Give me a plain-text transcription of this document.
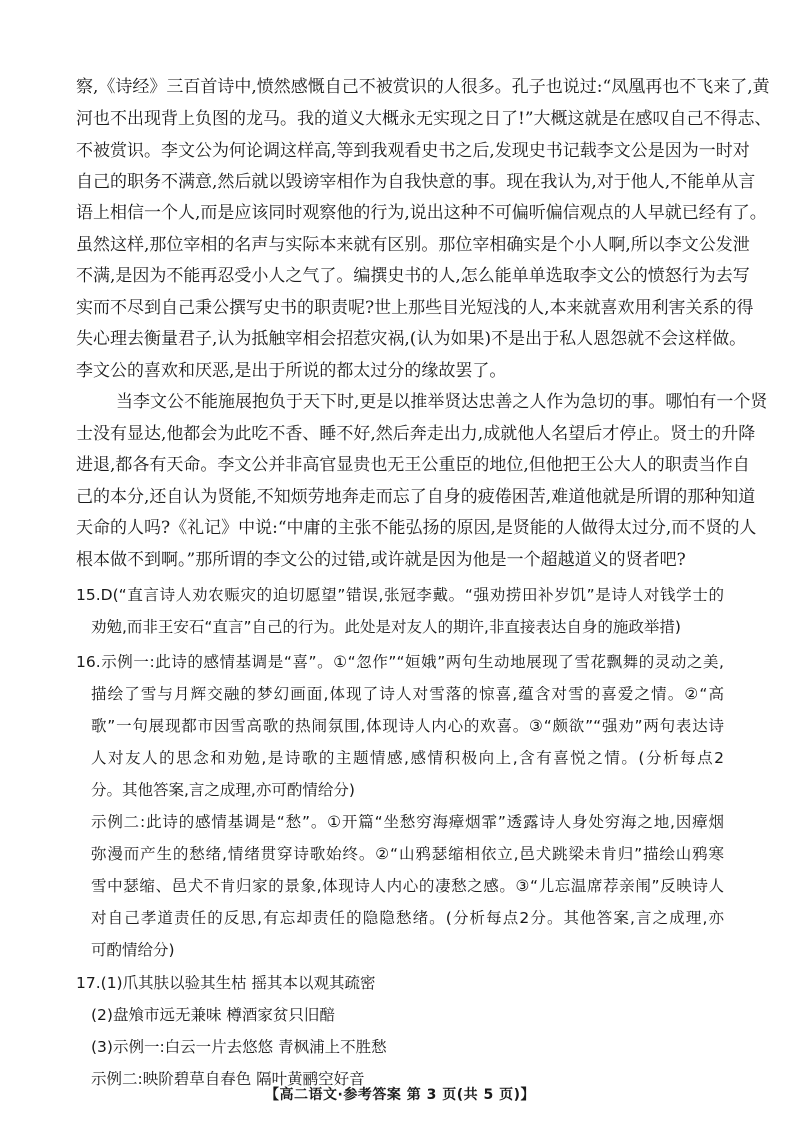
察,《诗经》三百首诗中,愤然感慨自己不被赏识的人很多。孔子也说过:“凤凰再也不飞来了,黄
河也不出现背上负图的龙马。我的道义大概永无实现之日了!”大概这就是在感叹自己不得志、
不被赏识。李文公为何论调这样高,等到我观看史书之后,发现史书记载李文公是因为一时对
自己的职务不满意,然后就以毁谤宰相作为自我快意的事。现在我认为,对于他人,不能单从言
语上相信一个人,而是应该同时观察他的行为,说出这种不可偏听偏信观点的人早就已经有了。
虽然这样,那位宰相的名声与实际本来就有区别。那位宰相确实是个小人啊,所以李文公发泄
不满,是因为不能再忍受小人之气了。编撰史书的人,怎么能单单选取李文公的愤怒行为去写
实而不尽到自己秉公撰写史书的职责呢?世上那些目光短浅的人,本来就喜欢用利害关系的得
失心理去衡量君子,认为抵触宰相会招惹灾祸,(认为如果)不是出于私人恩怨就不会这样做。
李文公的喜欢和厌恶,是出于所说的都太过分的缘故罢了。
当李文公不能施展抱负于天下时,更是以推举贤达忠善之人作为急切的事。哪怕有一个贤
士没有显达,他都会为此吃不香、睡不好,然后奔走出力,成就他人名望后才停止。贤士的升降
进退,都各有天命。李文公并非高官显贵也无王公重臣的地位,但他把王公大人的职责当作自
己的本分,还自认为贤能,不知烦劳地奔走而忘了自身的疲倦困苦,难道他就是所谓的那种知道
天命的人吗?《礼记》中说:“中庸的主张不能弘扬的原因,是贤能的人做得太过分,而不贤的人
根本做不到啊。”那所谓的李文公的过错,或许就是因为他是一个超越道义的贤者吧?
15.D(“直言诗人劝农赈灾的迫切愿望”错误,张冠李戴。“强劝捞田补岁饥”是诗人对钱学士的
劝勉,而非王安石“直言”自己的行为。此处是对友人的期许,非直接表达自身的施政举措)
16.示例一:此诗的感情基调是“喜”。①“忽作”“姮娥”两句生动地展现了雪花飘舞的灵动之美,
描绘了雪与月辉交融的梦幻画面,体现了诗人对雪落的惊喜,蕴含对雪的喜爱之情。②“高
歌”一句展现都市因雪高歌的热闹氛围,体现诗人内心的欢喜。③“颇欲”“强劝”两句表达诗
人对友人的思念和劝勉,是诗歌的主题情感,感情积极向上,含有喜悦之情。(分析每点2
分。其他答案,言之成理,亦可酌情给分)
示例二:此诗的感情基调是“愁”。①开篇“坐愁穷海瘴烟霏”透露诗人身处穷海之地,因瘴烟
弥漫而产生的愁绪,情绪贯穿诗歌始终。②“山鸦瑟缩相依立,邑犬跳梁未肯归”描绘山鸦寒
雪中瑟缩、邑犬不肯归家的景象,体现诗人内心的凄愁之感。③“儿忘温席荐亲闱”反映诗人
对自己孝道责任的反思,有忘却责任的隐隐愁绪。(分析每点2分。其他答案,言之成理,亦
可酌情给分)
17.(1)爪其肤以验其生枯 摇其本以观其疏密
(2)盘飧市远无兼味 樽酒家贫只旧醅
(3)示例一:白云一片去悠悠 青枫浦上不胜愁
示例二:映阶碧草自春色 隔叶黄鹂空好音
【高二语文·参考答案 第 3 页(共 5 页)】
